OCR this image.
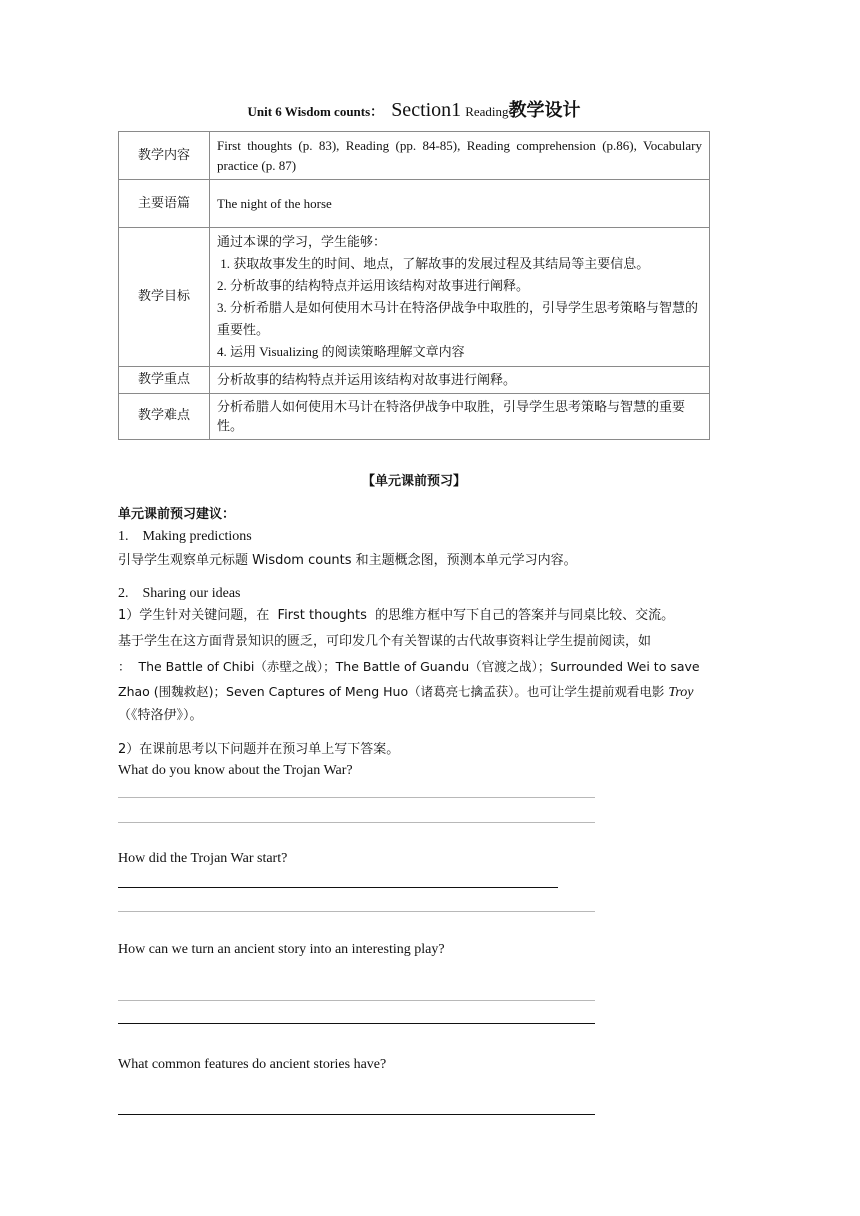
Unit 6 Wisdom counts： Section1 Reading教学设计
教学内容	First thoughts (p. 83), Reading (pp. 84-85), Reading comprehension (p.86), Vocabulary practice (p. 87)
主要语篇	The night of the horse
教学目标	通过本课的学习，学生能够：
1. 获取故事发生的时间、地点，了解故事的发展过程及其结局等主要信息。
2. 分析故事的结构特点并运用该结构对故事进行阐释。
3. 分析希腊人是如何使用木马计在特洛伊战争中取胜的，引导学生思考策略与智慧的重要性。
4. 运用 Visualizing 的阅读策略理解文章内容

教学重点	分析故事的结构特点并运用该结构对故事进行阐释。
教学难点	分析希腊人如何使用木马计在特洛伊战争中取胜，引导学生思考策略与智慧的重要性。
【单元课前预习】
单元课前预习建议：
1.    Making predictions
引导学生观察单元标题 Wisdom counts 和主题概念图，预测本单元学习内容。
2.    Sharing our ideas
1）学生针对关键问题，在  First thoughts  的思维方框中写下自己的答案并与同桌比较、交流。
基于学生在这方面背景知识的匮乏，可印发几个有关智谋的古代故事资料让学生提前阅读，如
：  The Battle of Chibi（赤壁之战）；The Battle of Guandu（官渡之战）；Surrounded Wei to save
Zhao (围魏救赵)；Seven Captures of Meng Huo（诸葛亮七擒孟获）。也可让学生提前观看电影 Troy
（《特洛伊》）。
2）在课前思考以下问题并在预习单上写下答案。
What do you know about the Trojan War?
How did the Trojan War start?
How can we turn an ancient story into an interesting play?
What common features do ancient stories have?
